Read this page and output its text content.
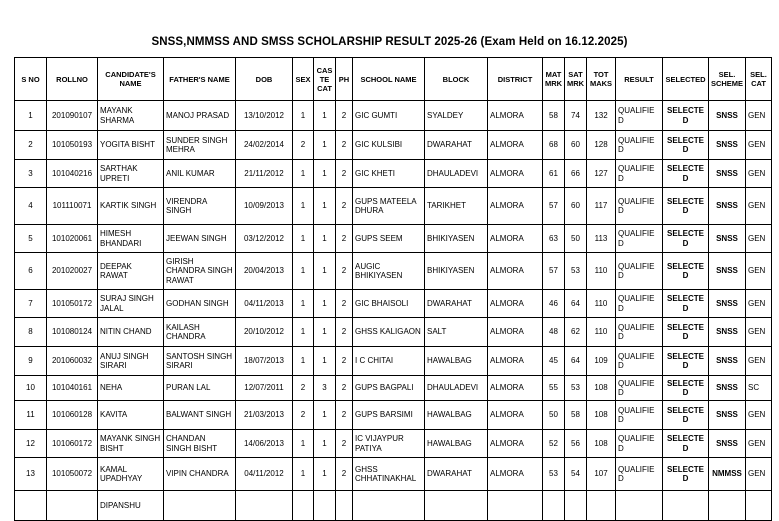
SNSS,NMMSS AND SMSS SCHOLARSHIP RESULT 2025-26 (Exam Held on 16.12.2025)
S NO	ROLLNO	CANDIDATE'S NAME	FATHER'S NAME	DOB	SEX	CAS TE CAT	PH	SCHOOL NAME	BLOCK	DISTRICT	MAT MRK	SAT MRK	TOT MAKS	RESULT	SELECTED	SEL. SCHEME	SEL. CAT
1	201090107	MAYANK SHARMA	MANOJ PRASAD	13/10/2012	1	1	2	GIC GUMTI	SYALDEY	ALMORA	58	74	132	QUALIFIED	SELECTED	SNSS	GEN
2	101050193	YOGITA BISHT	SUNDER SINGH MEHRA	24/02/2014	2	1	2	GIC KULSIBI	DWARAHAT	ALMORA	68	60	128	QUALIFIED	SELECTED	SNSS	GEN
3	101040216	SARTHAK UPRETI	ANIL KUMAR	21/11/2012	1	1	2	GIC KHETI	DHAULADEVI	ALMORA	61	66	127	QUALIFIED	SELECTED	SNSS	GEN
4	101110071	KARTIK SINGH	VIRENDRA SINGH	10/09/2013	1	1	2	GUPS MATEELA DHURA	TARIKHET	ALMORA	57	60	117	QUALIFIED	SELECTED	SNSS	GEN
5	101020061	HIMESH BHANDARI	JEEWAN SINGH	03/12/2012	1	1	2	GUPS SEEM	BHIKIYASEN	ALMORA	63	50	113	QUALIFIED	SELECTED	SNSS	GEN
6	201020027	DEEPAK RAWAT	GIRISH CHANDRA SINGH RAWAT	20/04/2013	1	1	2	AUGIC BHIKIYASEN	BHIKIYASEN	ALMORA	57	53	110	QUALIFIED	SELECTED	SNSS	GEN
7	101050172	SURAJ SINGH JALAL	GODHAN SINGH	04/11/2013	1	1	2	GIC BHAISOLI	DWARAHAT	ALMORA	46	64	110	QUALIFIED	SELECTED	SNSS	GEN
8	101080124	NITIN CHAND	KAILASH CHANDRA	20/10/2012	1	1	2	GHSS KALIGAON	SALT	ALMORA	48	62	110	QUALIFIED	SELECTED	SNSS	GEN
9	201060032	ANUJ SINGH SIRARI	SANTOSH SINGH SIRARI	18/07/2013	1	1	2	I C CHITAI	HAWALBAG	ALMORA	45	64	109	QUALIFIED	SELECTED	SNSS	GEN
10	101040161	NEHA	PURAN LAL	12/07/2011	2	3	2	GUPS BAGPALI	DHAULADEVI	ALMORA	55	53	108	QUALIFIED	SELECTED	SNSS	SC
11	101060128	KAVITA	BALWANT SINGH	21/03/2013	2	1	2	GUPS BARSIMI	HAWALBAG	ALMORA	50	58	108	QUALIFIED	SELECTED	SNSS	GEN
12	101060172	MAYANK SINGH BISHT	CHANDAN SINGH BISHT	14/06/2013	1	1	2	IC VIJAYPUR PATIYA	HAWALBAG	ALMORA	52	56	108	QUALIFIED	SELECTED	SNSS	GEN
13	101050072	KAMAL UPADHYAY	VIPIN CHANDRA	04/11/2012	1	1	2	GHSS CHHATINAKHAL	DWARAHAT	ALMORA	53	54	107	QUALIFIED	SELECTED	NMMSS	GEN
		DIPANSHU															
